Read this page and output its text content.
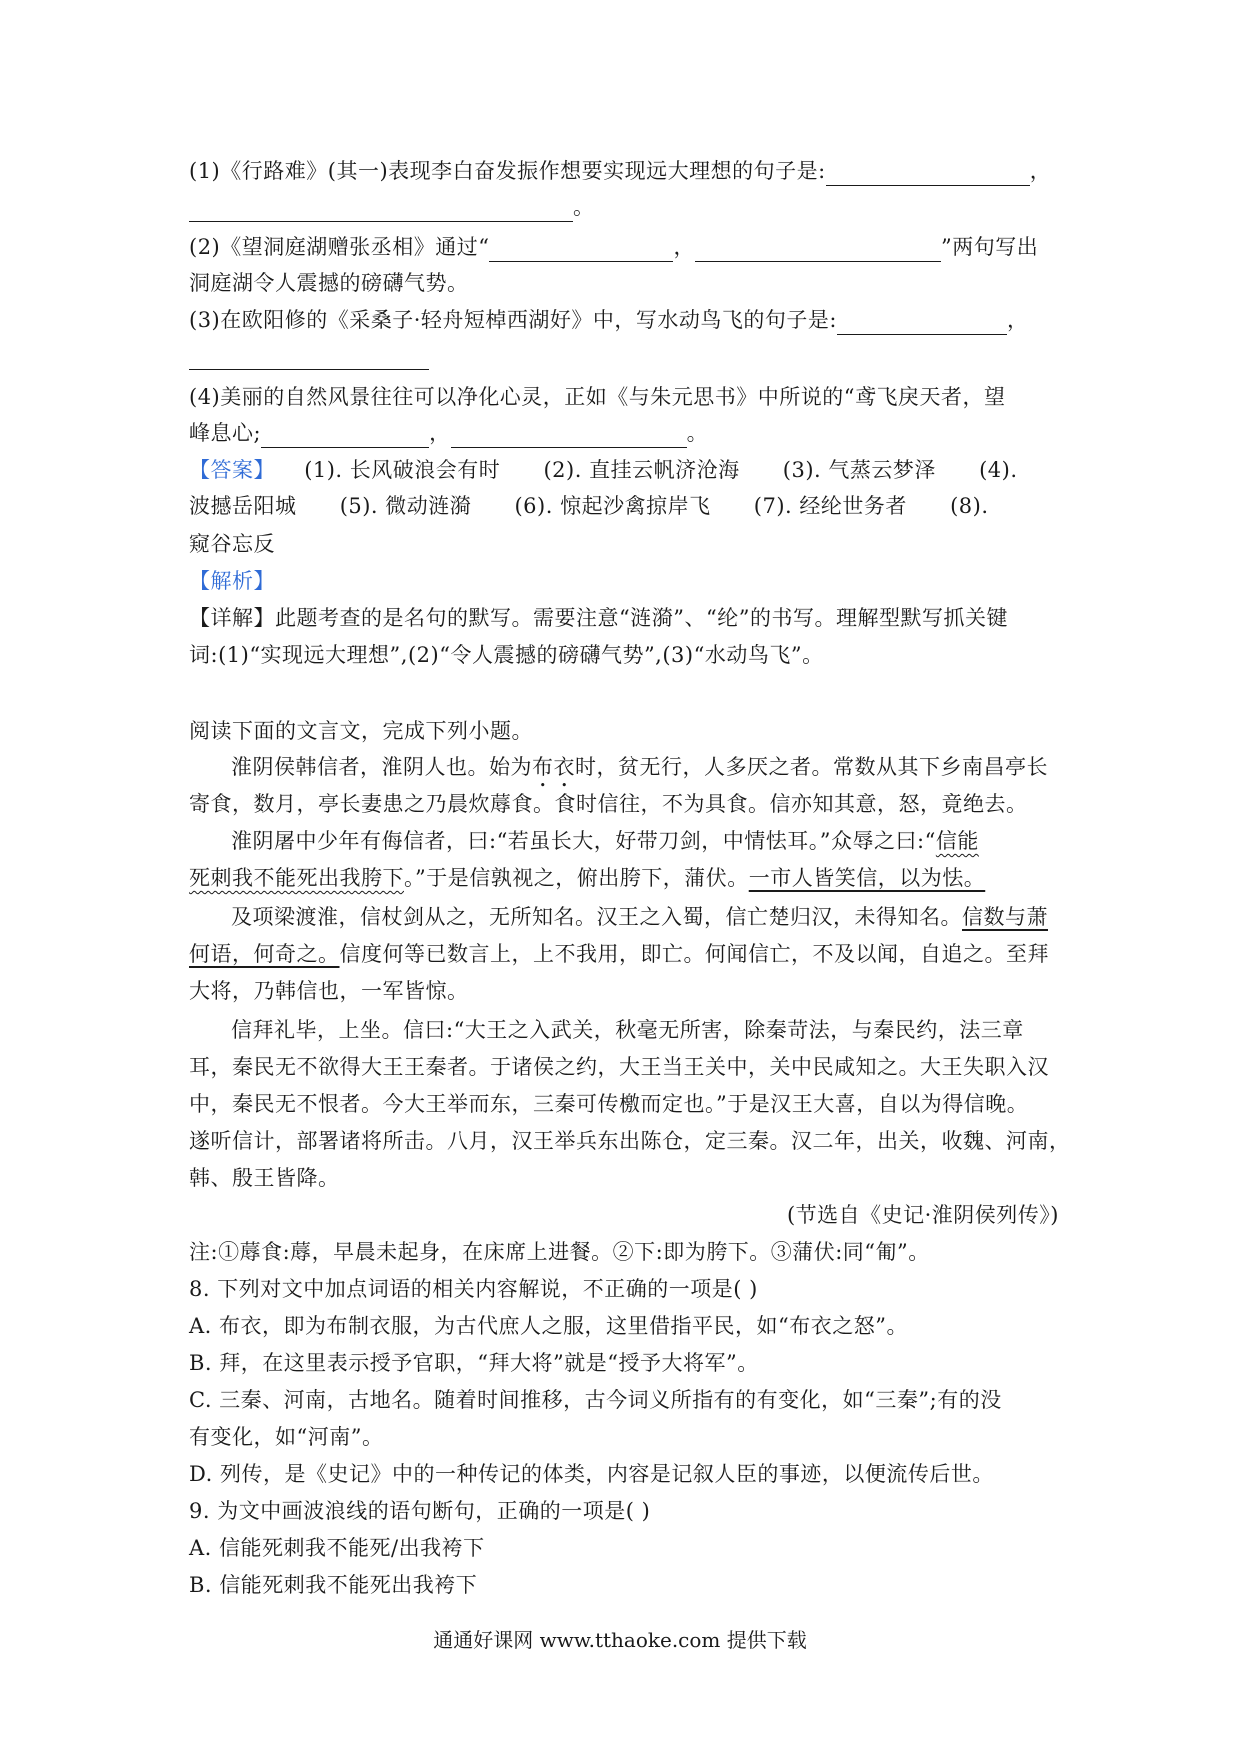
(1)《行路难》(其一)表现李白奋发振作想要实现远大理想的句子是:	，
。
(2)《望洞庭湖赠张丞相》通过“	，	”两句写出
洞庭湖令人震撼的磅礴气势。
(3)在欧阳修的《采桑子·轻舟短棹西湖好》中，写水动鸟飞的句子是:	，
(4)美丽的自然风景往往可以净化心灵，正如《与朱元思书》中所说的“鸢飞戾天者，望
峰息心;	，	。
【答案】 (1). 长风破浪会有时 (2). 直挂云帆济沧海 (3). 气蒸云梦泽 (4).
波撼岳阳城 (5). 微动涟漪 (6). 惊起沙禽掠岸飞 (7). 经纶世务者 (8).
窥谷忘反
【解析】
【详解】此题考查的是名句的默写。需要注意“涟漪”、“纶”的书写。理解型默写抓关键
词:(1)“实现远大理想”,(2)“令人震撼的磅礴气势”,(3)“水动鸟飞”。
阅读下面的文言文，完成下列小题。
淮阴侯韩信者，淮阴人也。始为布衣时，贫无行，人多厌之者。常数从其下乡南昌亭长
寄食，数月，亭长妻患之乃晨炊蓐食。食时信往，不为具食。信亦知其意，怒，竟绝去。
淮阴屠中少年有侮信者，曰:“若虽长大，好带刀剑，中情怯耳。”众辱之曰:“信能
死刺我不能死出我胯下。”于是信孰视之，俯出胯下，蒲伏。一市人皆笑信，以为怯。
及项梁渡淮，信杖剑从之，无所知名。汉王之入蜀，信亡楚归汉，未得知名。信数与萧
何语，何奇之。信度何等已数言上，上不我用，即亡。何闻信亡，不及以闻，自追之。至拜
大将，乃韩信也，一军皆惊。
信拜礼毕，上坐。信曰:“大王之入武关，秋毫无所害，除秦苛法，与秦民约，法三章
耳，秦民无不欲得大王王秦者。于诸侯之约，大王当王关中，关中民咸知之。大王失职入汉
中，秦民无不恨者。今大王举而东，三秦可传檄而定也。”于是汉王大喜，自以为得信晚。
遂听信计，部署诸将所击。八月，汉王举兵东出陈仓，定三秦。汉二年，出关，收魏、河南，
韩、殷王皆降。
(节选自《史记·淮阴侯列传》)
注:①蓐食:蓐，早晨未起身，在床席上进餐。②下:即为胯下。③蒲伏:同“匍”。
8. 下列对文中加点词语的相关内容解说，不正确的一项是( )
A. 布衣，即为布制衣服，为古代庶人之服，这里借指平民，如“布衣之怒”。
B. 拜，在这里表示授予官职，“拜大将”就是“授予大将军”。
C. 三秦、河南，古地名。随着时间推移，古今词义所指有的有变化，如“三秦”;有的没
有变化，如“河南”。
D. 列传，是《史记》中的一种传记的体类，内容是记叙人臣的事迹，以便流传后世。
9. 为文中画波浪线的语句断句，正确的一项是( )
A. 信能死刺我不能死/出我袴下
B. 信能死刺我不能死出我袴下
通通好课网 www.tthaoke.com 提供下载
